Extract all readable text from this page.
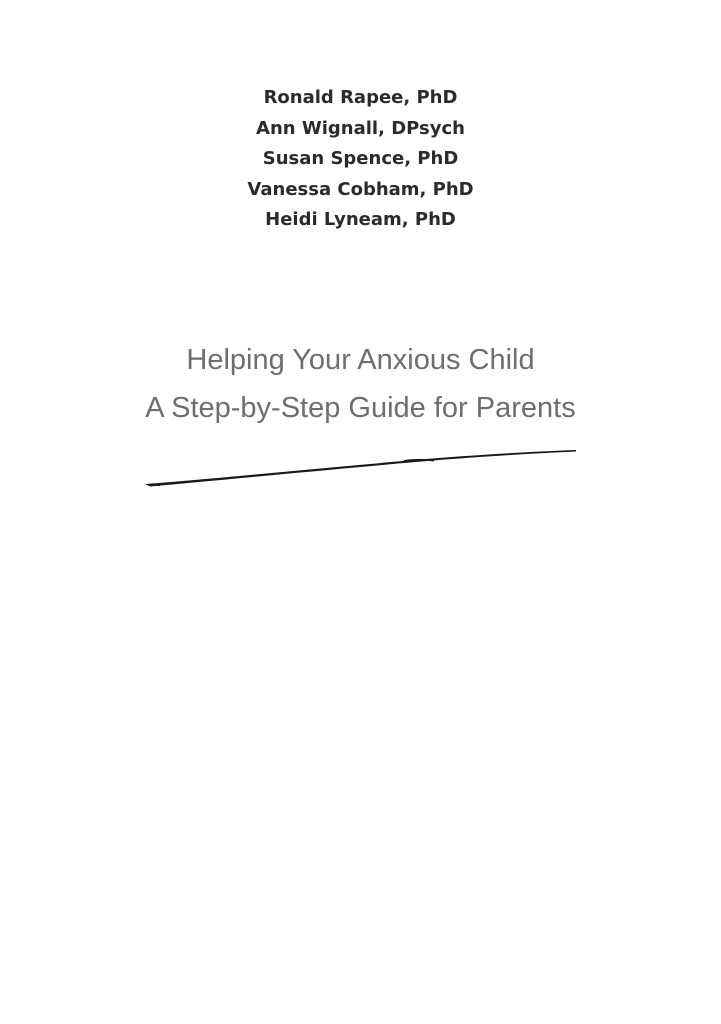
Ronald Rapee, PhD
Ann Wignall, DPsych
Susan Spence, PhD
Vanessa Cobham, PhD
Heidi Lyneam, PhD
Helping Your Anxious Child
A Step-by-Step Guide for Parents
